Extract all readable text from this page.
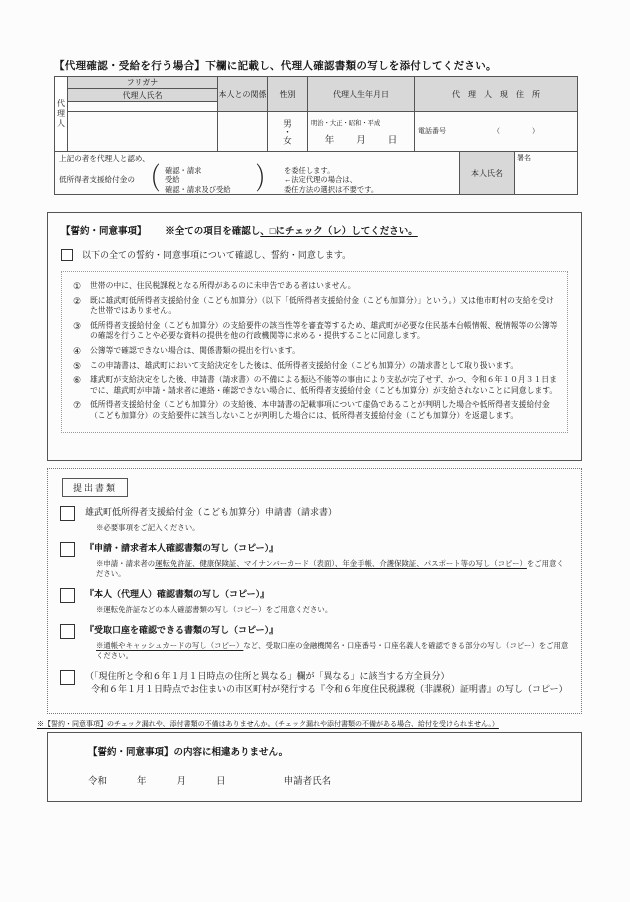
【代理確認・受給を行う場合】下欄に記載し、代理人確認書類の写しを添付してください。
代理人	フリガナ	本人との関係	性別	代理人生年月日	代理人現住所
	代理人氏名				

			男・女	明治・大正・昭和・平成
年 月 日	電話番号 （　　）

上記の者を代理人と認め、
低所得者支援給付金の （ 確認・請求
受給
確認・請求及び受給 ） を委任します。
←法定代理の場合は、
委任方法の選択は不要です。
本人氏名
署名
【誓約・同意事項】 ※全ての項目を確認し、□にチェック（レ）してください。
以下の全ての誓約・同意事項について確認し、誓約・同意します。
①	世帯の中に、住民税課税となる所得があるのに未申告である者はいません。
②	既に雄武町低所得者支援給付金（こども加算分）（以下「低所得者支援給付金（こども加算分）」という。）又は他市町村の支給を受けた世帯ではありません。
③	低所得者支援給付金（こども加算分）の支給要件の該当性等を審査等するため、雄武町が必要な住民基本台帳情報、税情報等の公簿等の確認を行うことや必要な資料の提供を他の行政機関等に求める・提供することに同意します。
④	公簿等で確認できない場合は、関係書類の提出を行います。
⑤	この申請書は、雄武町において支給決定をした後は、低所得者支援給付金（こども加算分）の請求書として取り扱います。
⑥	雄武町が支給決定をした後、申請書（請求書）の不備による振込不能等の事由により支払が完了せず、かつ、令和６年１０月３１日までに、雄武町が申請・請求者に連絡・確認できない場合に、低所得者支援給付金（こども加算分）が支給されないことに同意します。
⑦	低所得者支援給付金（こども加算分）の支給後、本申請書の記載事項について虚偽であることが判明した場合や低所得者支援給付金（こども加算分）の支給要件に該当しないことが判明した場合には、低所得者支援給付金（こども加算分）を返還します。
提出書類
雄武町低所得者支援給付金（こども加算分）申請書（請求書）
※必要事項をご記入ください。
『申請・請求者本人確認書類の写し（コピー）』
※申請・請求者の運転免許証、健康保険証、マイナンバーカード（表面）、年金手帳、介護保険証、パスポート等の写し（コピー）をご用意ください。
『本人（代理人）確認書類の写し（コピー）』
※運転免許証などの本人確認書類の写し（コピー）をご用意ください。
『受取口座を確認できる書類の写し（コピー）』
※通帳やキャッシュカードの写し（コピー）など、受取口座の金融機関名・口座番号・口座名義人を確認できる部分の写し（コピー）をご用意ください。
（「現住所と令和６年１月１日時点の住所と異なる」欄が「異なる」に該当する方全員分）
令和６年１月１日時点でお住まいの市区町村が発行する『令和６年度住民税課税（非課税）証明書』の写し（コピー）
※【誓約・同意事項】のチェック漏れや、添付書類の不備はありませんか。（チェック漏れや添付書類の不備がある場合、給付を受けられません。）
【誓約・同意事項】の内容に相違ありません。
令和	年	月	日	申請者氏名
